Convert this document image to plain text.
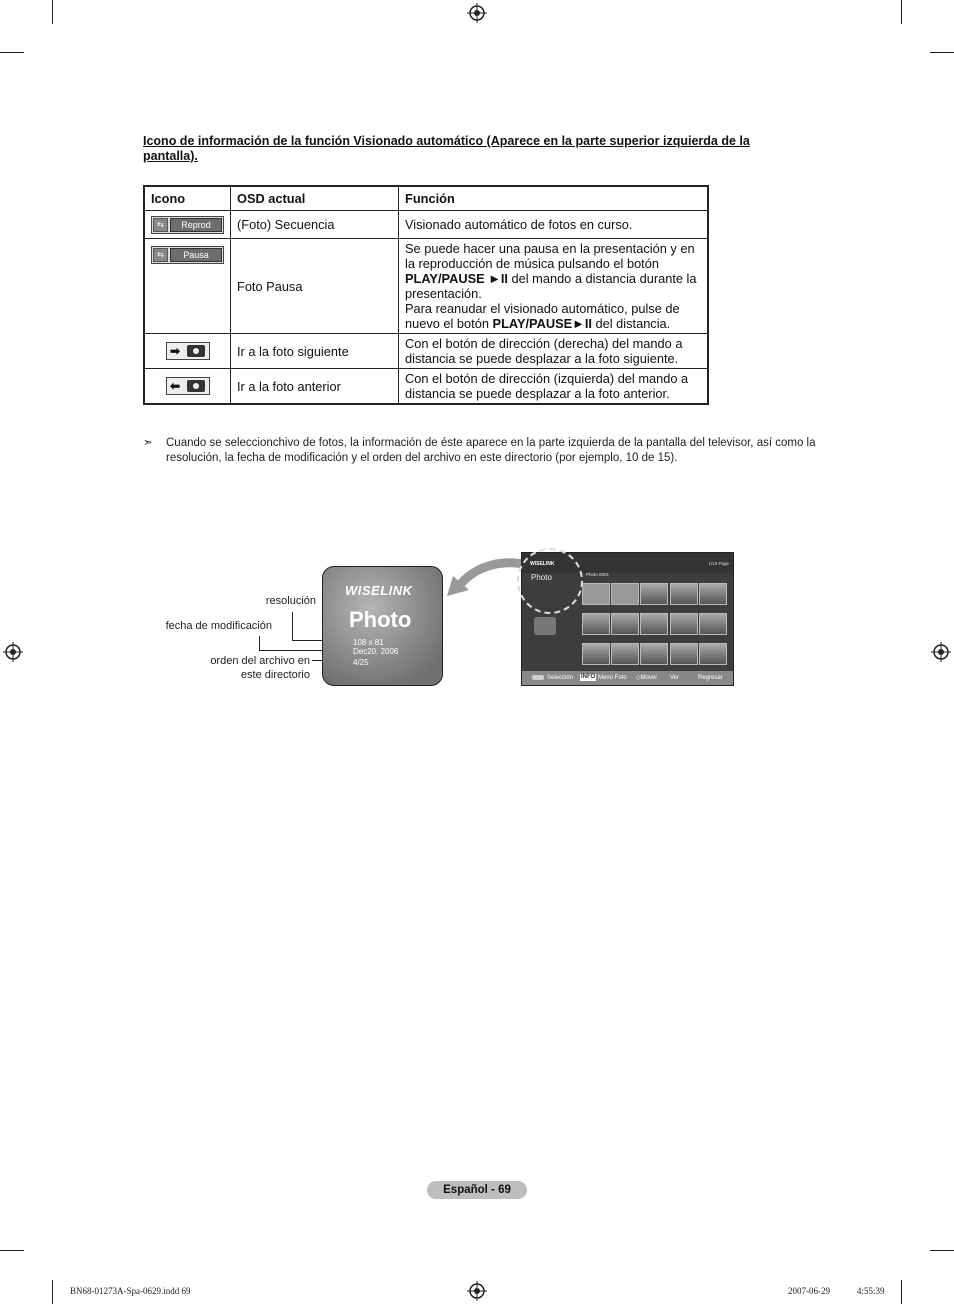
Icono de información de la función Visionado automático (Aparece en la parte superior izquierda de la pantalla).
Icono	OSD actual	Función

⇆ Reprod	(Foto) Secuencia	Visionado automático de fotos en curso.

⇆ Pausa	Foto Pausa	Se puede hacer una pausa en la presentación y en la reproducción de música pulsando el botón PLAY/PAUSE ►II del mando a distancia durante la presentación.
Para reanudar el visionado automático, pulse de nuevo el botón PLAY/PAUSE►II del distancia.

➡	Ir a la foto siguiente	Con el botón de dirección (derecha) del mando a distancia se puede desplazar a la foto siguiente.

⬅	Ir a la foto anterior	Con el botón de dirección (izquierda) del mando a distancia se puede desplazar a la foto anterior.
➣ Cuando se seleccionchivo de fotos, la información de éste aparece en la parte izquierda de la pantalla del televisor, así como la resolución, la fecha de modificación y el orden del archivo en este directorio (por ejemplo, 10 de 15).
resolución
fecha de modificación
orden del archivo en
este directorio
WISELINK
Photo
108 x 81
Dec20. 2006
4/25
WISELINK	1/10 Page
Photo	Photo 0001
Selección INFO Menú Foto ◇Mover Ver	Regresar
Español - 69
BN68-01273A-Spa-0629.indd 69	2007-06-29	4:55:39
